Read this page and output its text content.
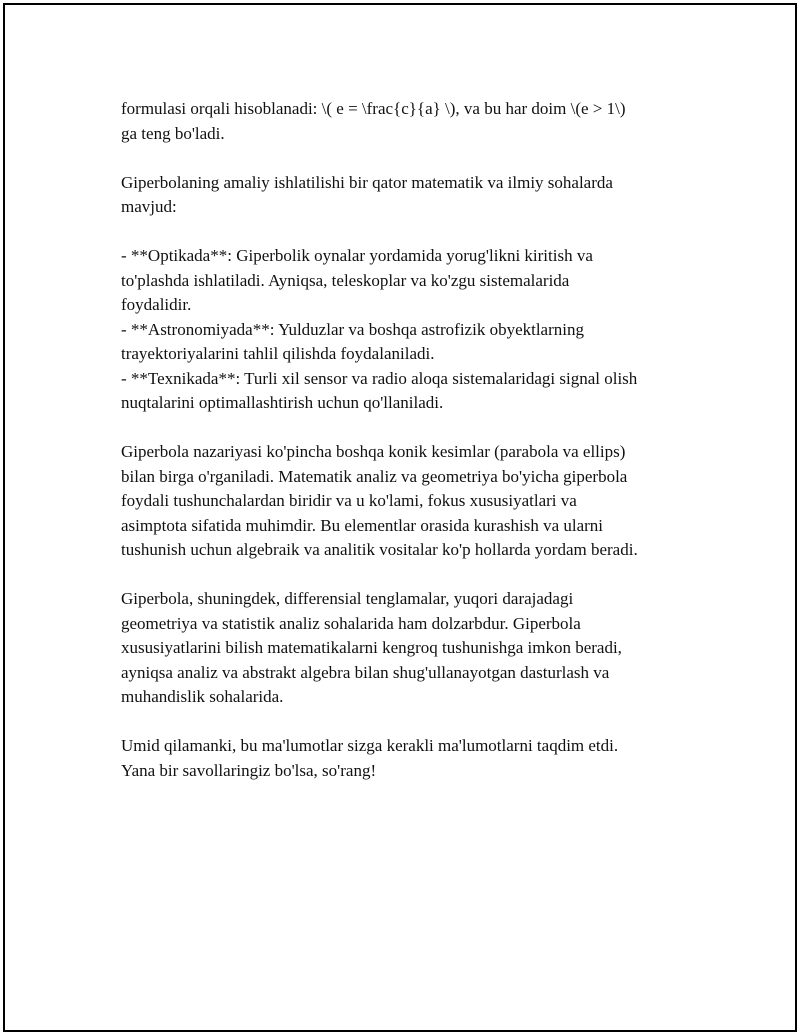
formulasi orqali hisoblanadi: \( e = \frac{c}{a} \), va bu har doim \(e > 1\)
ga teng bo'ladi.

Giperbolaning amaliy ishlatilishi bir qator matematik va ilmiy sohalarda
mavjud:

- **Optikada**: Giperbolik oynalar yordamida yorug'likni kiritish va
to'plashda ishlatiladi. Ayniqsa, teleskoplar va ko'zgu sistemalarida
foydalidir.
- **Astronomiyada**: Yulduzlar va boshqa astrofizik obyektlarning
trayektoriyalarini tahlil qilishda foydalaniladi.
- **Texnikada**: Turli xil sensor va radio aloqa sistemalaridagi signal olish
nuqtalarini optimallashtirish uchun qo'llaniladi.

Giperbola nazariyasi ko'pincha boshqa konik kesimlar (parabola va ellips)
bilan birga o'rganiladi. Matematik analiz va geometriya bo'yicha giperbola
foydali tushunchalardan biridir va u ko'lami, fokus xususiyatlari va
asimptota sifatida muhimdir. Bu elementlar orasida kurashish va ularni
tushunish uchun algebraik va analitik vositalar ko'p hollarda yordam beradi.

Giperbola, shuningdek, differensial tenglamalar, yuqori darajadagi
geometriya va statistik analiz sohalarida ham dolzarbdur. Giperbola
xususiyatlarini bilish matematikalarni kengroq tushunishga imkon beradi,
ayniqsa analiz va abstrakt algebra bilan shug'ullanayotgan dasturlash va
muhandislik sohalarida.

Umid qilamanki, bu ma'lumotlar sizga kerakli ma'lumotlarni taqdim etdi.
Yana bir savollaringiz bo'lsa, so'rang!
